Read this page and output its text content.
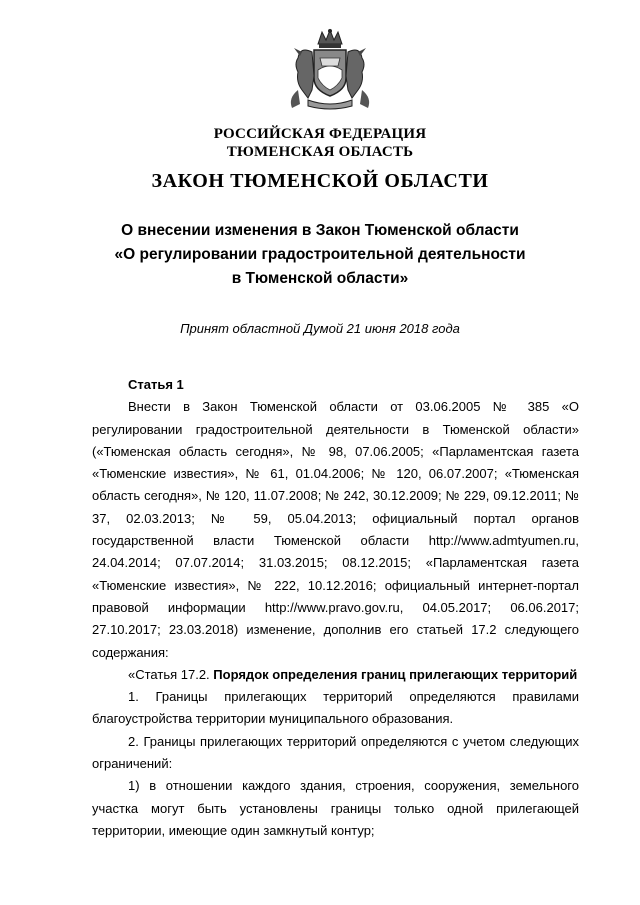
РОССИЙСКАЯ ФЕДЕРАЦИЯ
ТЮМЕНСКАЯ ОБЛАСТЬ
ЗАКОН ТЮМЕНСКОЙ ОБЛАСТИ
О внесении изменения в Закон Тюменской области
«О регулировании градостроительной деятельности
в Тюменской области»
Принят областной Думой 21 июня 2018 года

Статья 1

Внести в Закон Тюменской области от 03.06.2005 № 385 «О регулировании градостроительной деятельности в Тюменской области» («Тюменская область сегодня», № 98, 07.06.2005; «Парламентская газета «Тюменские известия», № 61, 01.04.2006; № 120, 06.07.2007; «Тюменская область сегодня», № 120, 11.07.2008; № 242, 30.12.2009; № 229, 09.12.2011; № 37, 02.03.2013; № 59, 05.04.2013; официальный портал органов государственной власти Тюменской области http://www.admtyumen.ru, 24.04.2014; 07.07.2014; 31.03.2015; 08.12.2015; «Парламентская газета «Тюменские известия», № 222, 10.12.2016; официальный интернет-портал правовой информации http://www.pravo.gov.ru, 04.05.2017; 06.06.2017; 27.10.2017; 23.03.2018) изменение, дополнив его статьей 17.2 следующего содержания:

«Статья 17.2. Порядок определения границ прилегающих территорий

1. Границы прилегающих территорий определяются правилами благоустройства территории муниципального образования.

2. Границы прилегающих территорий определяются с учетом следующих ограничений:

1) в отношении каждого здания, строения, сооружения, земельного участка могут быть установлены границы только одной прилегающей территории, имеющие один замкнутый контур;
